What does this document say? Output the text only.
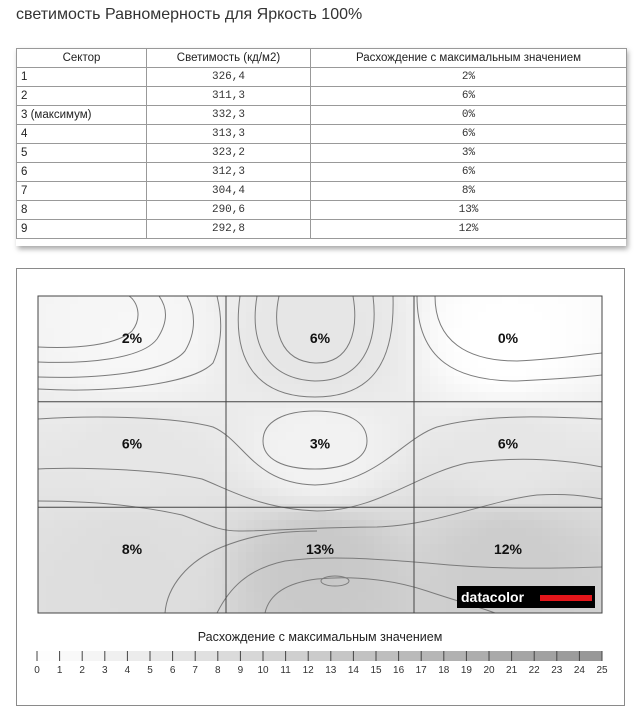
светимость Равномерность для Яркость 100%
Сектор	Светимость (кд/м2)	Расхождение с максимальным значением
1	326,4	2%
2	311,3	6%
3 (максимум)	332,3	0%
4	313,3	6%
5	323,2	3%
6	312,3	6%
7	304,4	8%
8	290,6	13%
9	292,8	12%
2%	6%	0%
6%	3%	6%
8%	13%	12%
datacolor
Расхождение с максимальным значением
0 1 2 3 4 5 6 7 8 9 10 11 12 13 14 15 16 17 18 19 20 21 22 23 24 25
